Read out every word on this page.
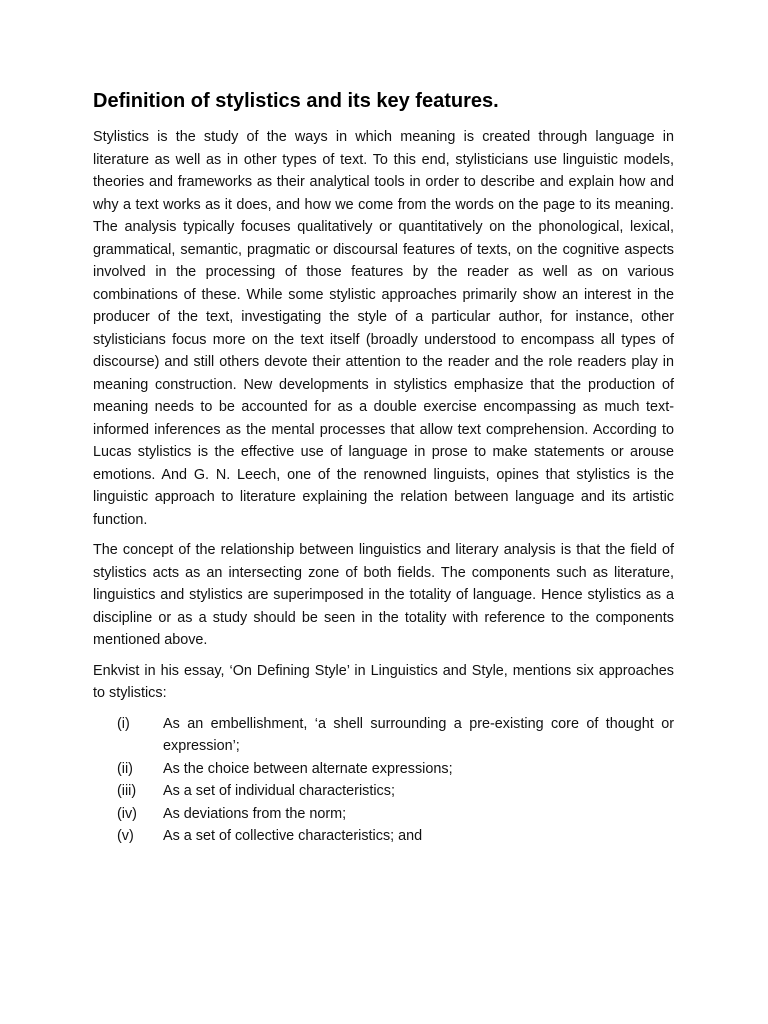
Definition of stylistics and its key features.

Stylistics is the study of the ways in which meaning is created through language in literature as well as in other types of text. To this end, stylisticians use linguistic models, theories and frameworks as their analytical tools in order to describe and explain how and why a text works as it does, and how we come from the words on the page to its meaning. The analysis typically focuses qualitatively or quantitatively on the phonological, lexical, grammatical, semantic, pragmatic or discoursal features of texts, on the cognitive aspects involved in the processing of those features by the reader as well as on various combinations of these. While some stylistic approaches primarily show an interest in the producer of the text, investigating the style of a particular author, for instance, other stylisticians focus more on the text itself (broadly understood to encompass all types of discourse) and still others devote their attention to the reader and the role readers play in meaning construction. New developments in stylistics emphasize that the production of meaning needs to be accounted for as a double exercise encompassing as much text-informed inferences as the mental processes that allow text comprehension. According to Lucas stylistics is the effective use of language in prose to make statements or arouse emotions. And G. N. Leech, one of the renowned linguists, opines that stylistics is the linguistic approach to literature explaining the relation between language and its artistic function.

The concept of the relationship between linguistics and literary analysis is that the field of stylistics acts as an intersecting zone of both fields. The components such as literature, linguistics and stylistics are superimposed in the totality of language. Hence stylistics as a discipline or as a study should be seen in the totality with reference to the components mentioned above.

Enkvist in his essay, ‘On Defining Style’ in Linguistics and Style, mentions six approaches to stylistics:

(i)	As an embellishment, ‘a shell surrounding a pre-existing core of thought or expression’;
(ii)	As the choice between alternate expressions;
(iii)	As a set of individual characteristics;
(iv)	As deviations from the norm;
(v)	As a set of collective characteristics; and
